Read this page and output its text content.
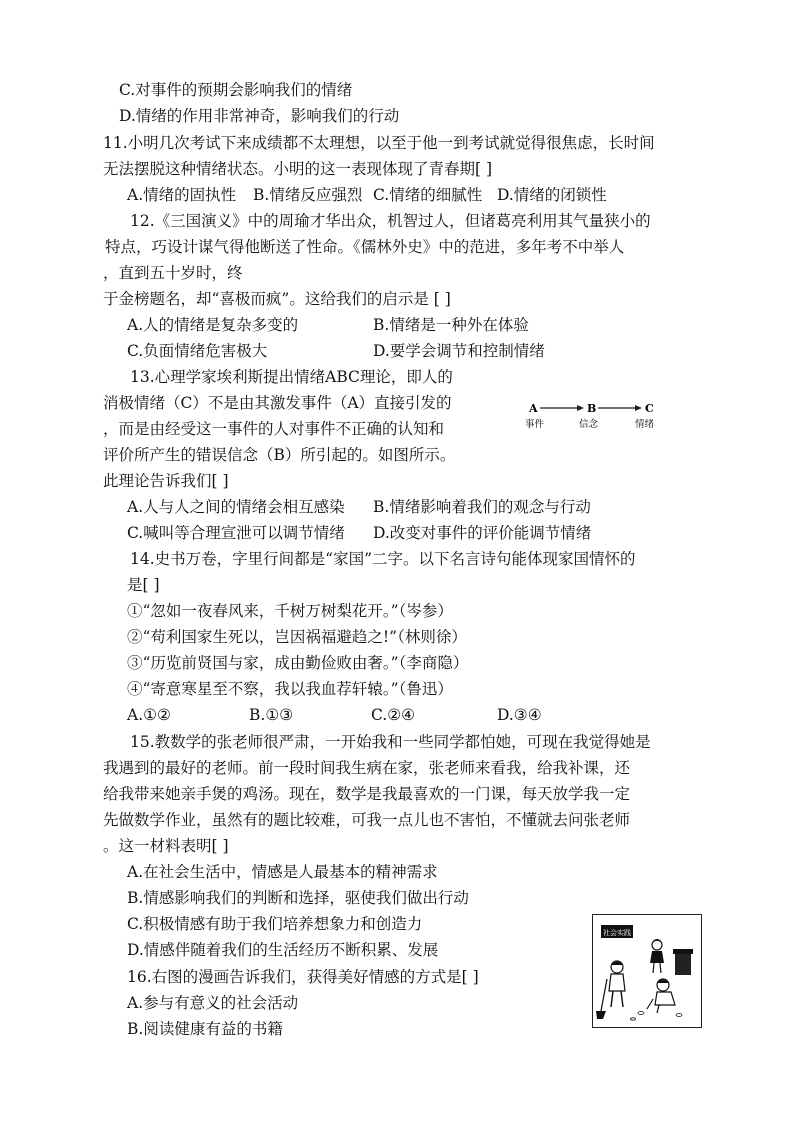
C.对事件的预期会影响我们的情绪
D.情绪的作用非常神奇，影响我们的行动
11.小明几次考试下来成绩都不太理想，以至于他一到考试就觉得很焦虑，长时间
无法摆脱这种情绪状态。小明的这一表现体现了青春期[ ]
A.情绪的固执性 B.情绪反应强烈 C.情绪的细腻性 D.情绪的闭锁性
12.《三国演义》中的周瑜才华出众，机智过人，但诸葛亮利用其气量狭小的
特点，巧设计谋气得他断送了性命。《儒林外史》中的范进，多年考不中举人
，直到五十岁时，终
于金榜题名，却“喜极而疯”。这给我们的启示是 [ ]
A.人的情绪是复杂多变的	B.情绪是一种外在体验
C.负面情绪危害极大	D.要学会调节和控制情绪
13.心理学家埃利斯提出情绪ABC理论，即人的
消极情绪（C）不是由其激发事件（A）直接引发的
，而是由经受这一事件的人对事件不正确的认知和
评价所产生的错误信念（B）所引起的。如图所示。
此理论告诉我们[ ]
A	B	C
事件	信念	情绪
A.人与人之间的情绪会相互感染 B.情绪影响着我们的观念与行动
C.喊叫等合理宣泄可以调节情绪 D.改变对事件的评价能调节情绪
14.史书万卷，字里行间都是“家国”二字。以下名言诗句能体现家国情怀的
是[ ]
①“忽如一夜春风来，千树万树梨花开。”（岑参）
②“苟利国家生死以，岂因祸福避趋之!”（林则徐）
③“历览前贤国与家，成由勤俭败由奢。”（李商隐）
④“寄意寒星至不察，我以我血荐轩辕。”（鲁迅）
A.①②	B.①③	C.②④	D.③④
15.教数学的张老师很严肃，一开始我和一些同学都怕她，可现在我觉得她是
我遇到的最好的老师。前一段时间我生病在家，张老师来看我，给我补课，还
给我带来她亲手煲的鸡汤。现在，数学是我最喜欢的一门课，每天放学我一定
先做数学作业，虽然有的题比较难，可我一点儿也不害怕，不懂就去问张老师
。这一材料表明[ ]
A.在社会生活中，情感是人最基本的精神需求
B.情感影响我们的判断和选择，驱使我们做出行动
C.积极情感有助于我们培养想象力和创造力
D.情感伴随着我们的生活经历不断积累、发展
16.右图的漫画告诉我们，获得美好情感的方式是[ ]
A.参与有意义的社会活动
B.阅读健康有益的书籍
社会实践
